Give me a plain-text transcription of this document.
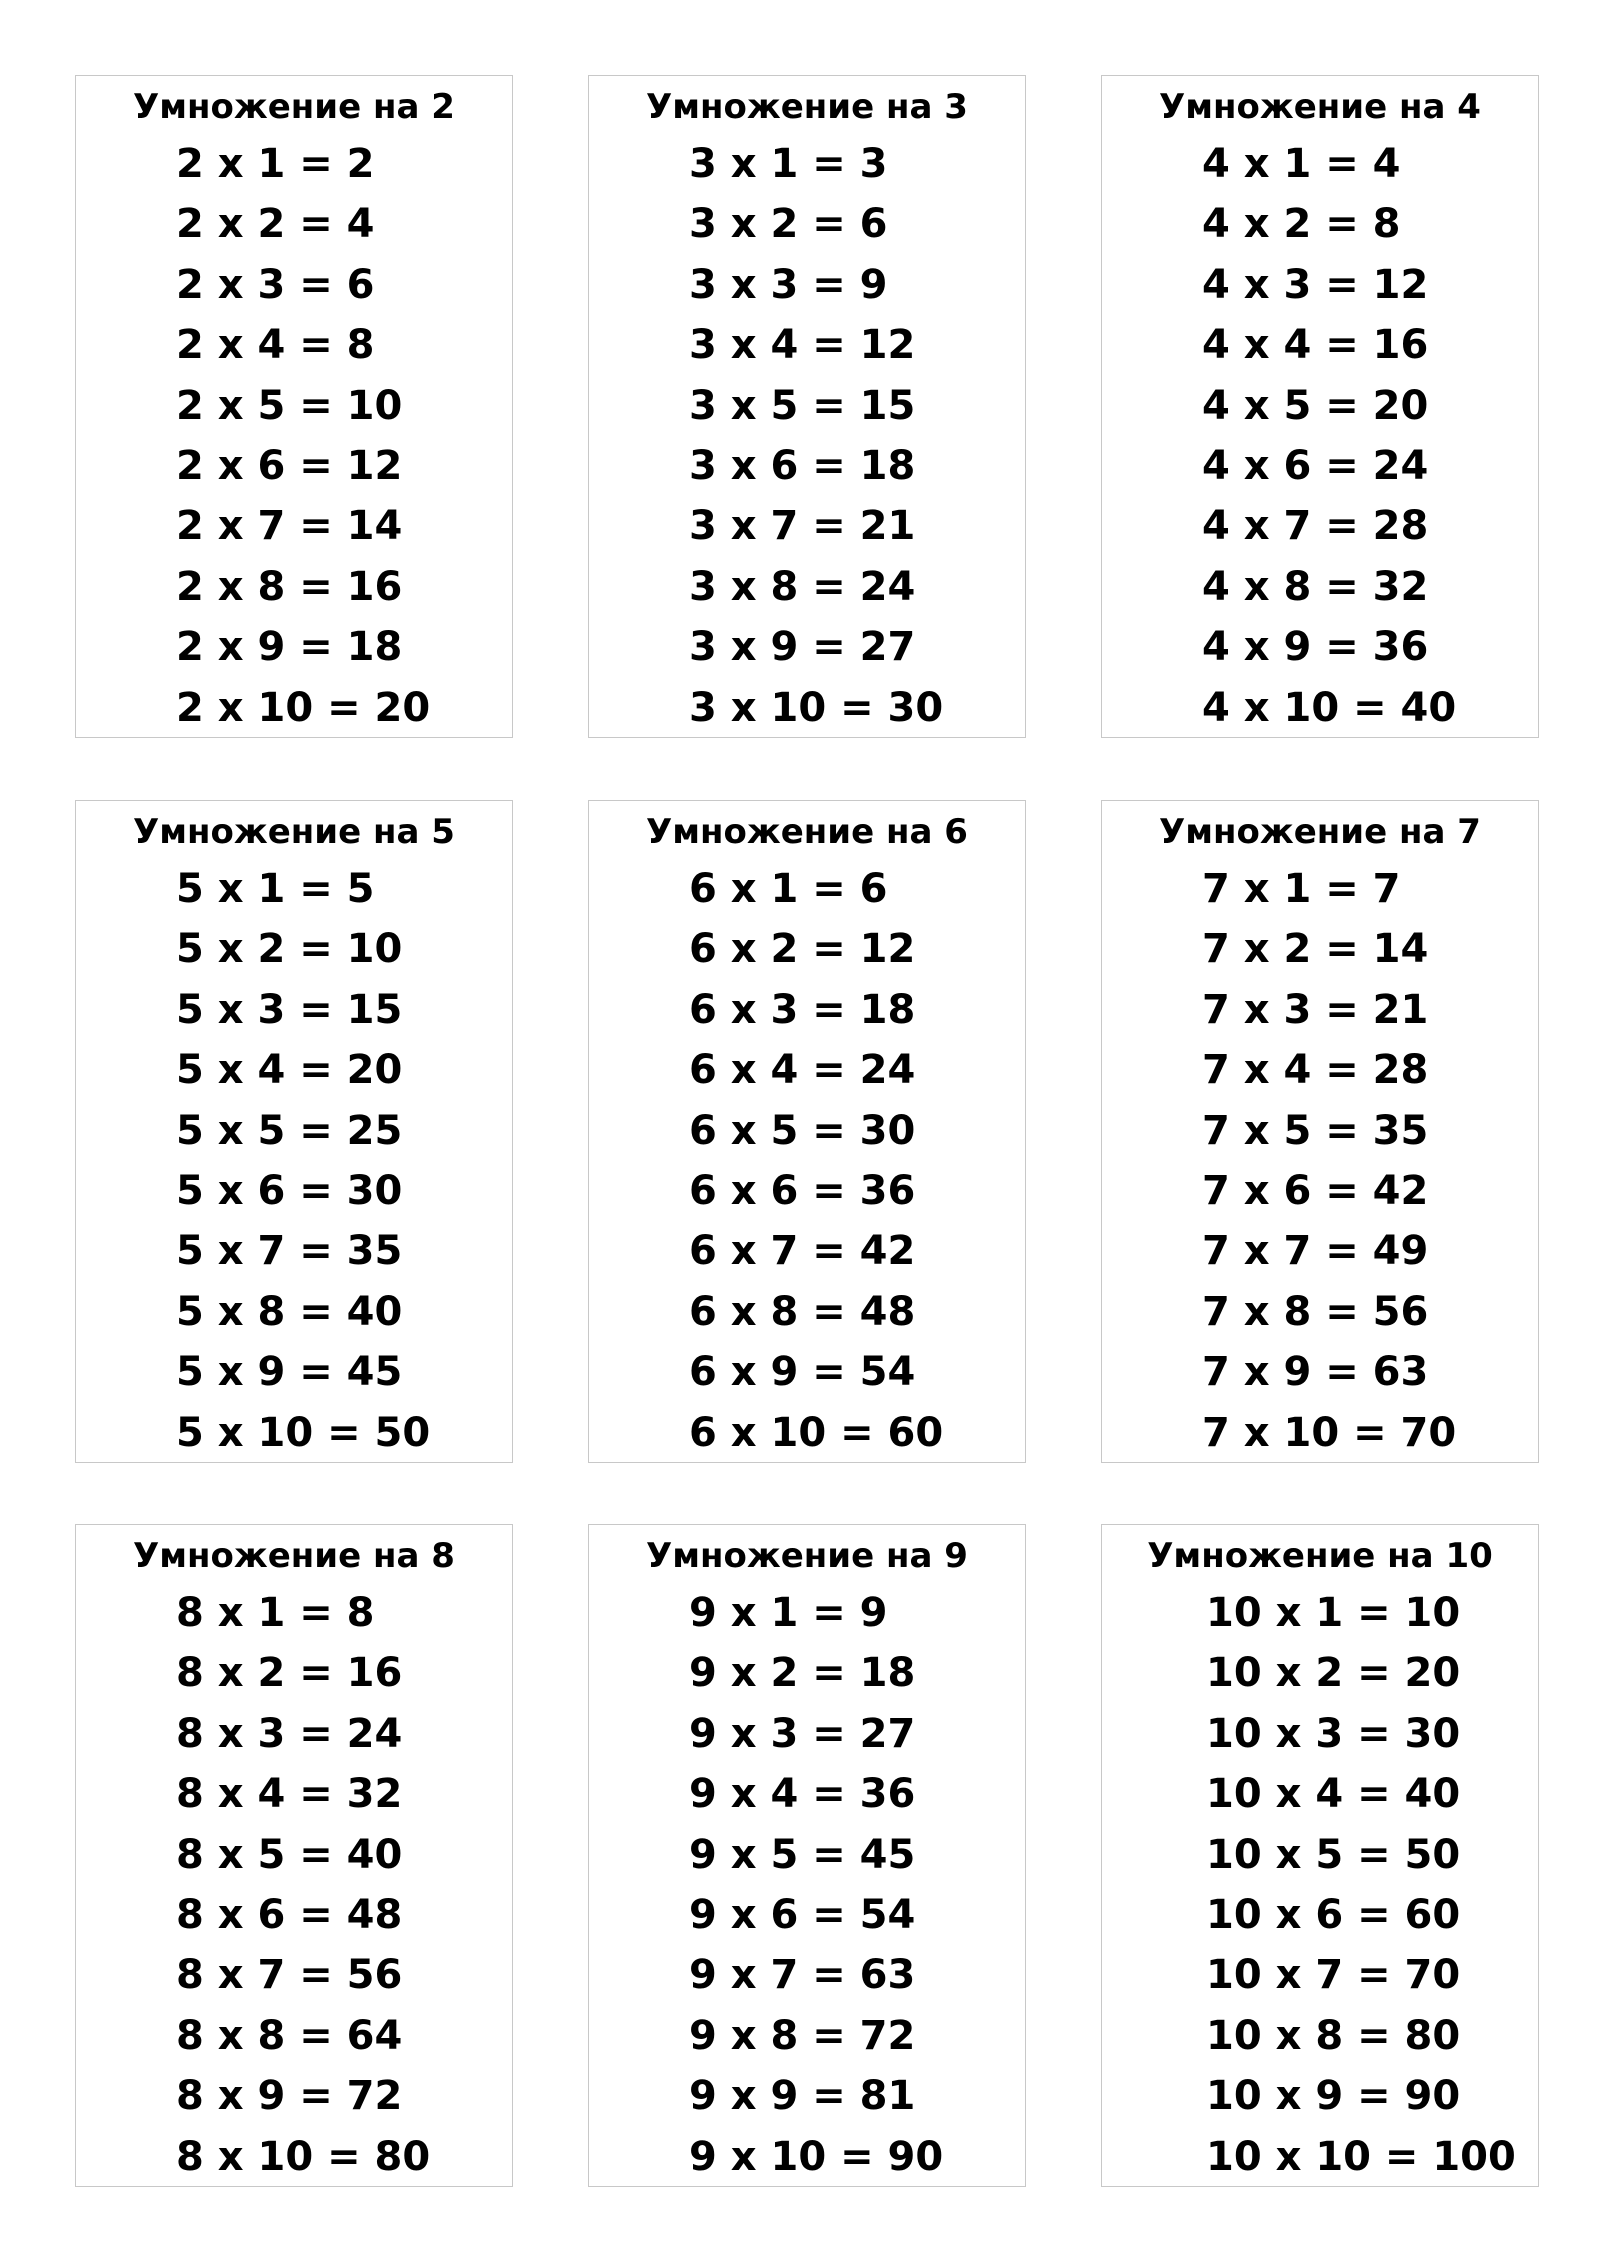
Умножение на 2
2 x 1 = 2
2 x 2 = 4
2 x 3 = 6
2 x 4 = 8
2 x 5 = 10
2 x 6 = 12
2 x 7 = 14
2 x 8 = 16
2 x 9 = 18
2 x 10 = 20
Умножение на 3
3 x 1 = 3
3 x 2 = 6
3 x 3 = 9
3 x 4 = 12
3 x 5 = 15
3 x 6 = 18
3 x 7 = 21
3 x 8 = 24
3 x 9 = 27
3 x 10 = 30
Умножение на 4
4 x 1 = 4
4 x 2 = 8
4 x 3 = 12
4 x 4 = 16
4 x 5 = 20
4 x 6 = 24
4 x 7 = 28
4 x 8 = 32
4 x 9 = 36
4 x 10 = 40
Умножение на 5
5 x 1 = 5
5 x 2 = 10
5 x 3 = 15
5 x 4 = 20
5 x 5 = 25
5 x 6 = 30
5 x 7 = 35
5 x 8 = 40
5 x 9 = 45
5 x 10 = 50
Умножение на 6
6 x 1 = 6
6 x 2 = 12
6 x 3 = 18
6 x 4 = 24
6 x 5 = 30
6 x 6 = 36
6 x 7 = 42
6 x 8 = 48
6 x 9 = 54
6 x 10 = 60
Умножение на 7
7 x 1 = 7
7 x 2 = 14
7 x 3 = 21
7 x 4 = 28
7 x 5 = 35
7 x 6 = 42
7 x 7 = 49
7 x 8 = 56
7 x 9 = 63
7 x 10 = 70
Умножение на 8
8 x 1 = 8
8 x 2 = 16
8 x 3 = 24
8 x 4 = 32
8 x 5 = 40
8 x 6 = 48
8 x 7 = 56
8 x 8 = 64
8 x 9 = 72
8 x 10 = 80
Умножение на 9
9 x 1 = 9
9 x 2 = 18
9 x 3 = 27
9 x 4 = 36
9 x 5 = 45
9 x 6 = 54
9 x 7 = 63
9 x 8 = 72
9 x 9 = 81
9 x 10 = 90
Умножение на 10
10 x 1 = 10
10 x 2 = 20
10 x 3 = 30
10 x 4 = 40
10 x 5 = 50
10 x 6 = 60
10 x 7 = 70
10 x 8 = 80
10 x 9 = 90
10 x 10 = 100
